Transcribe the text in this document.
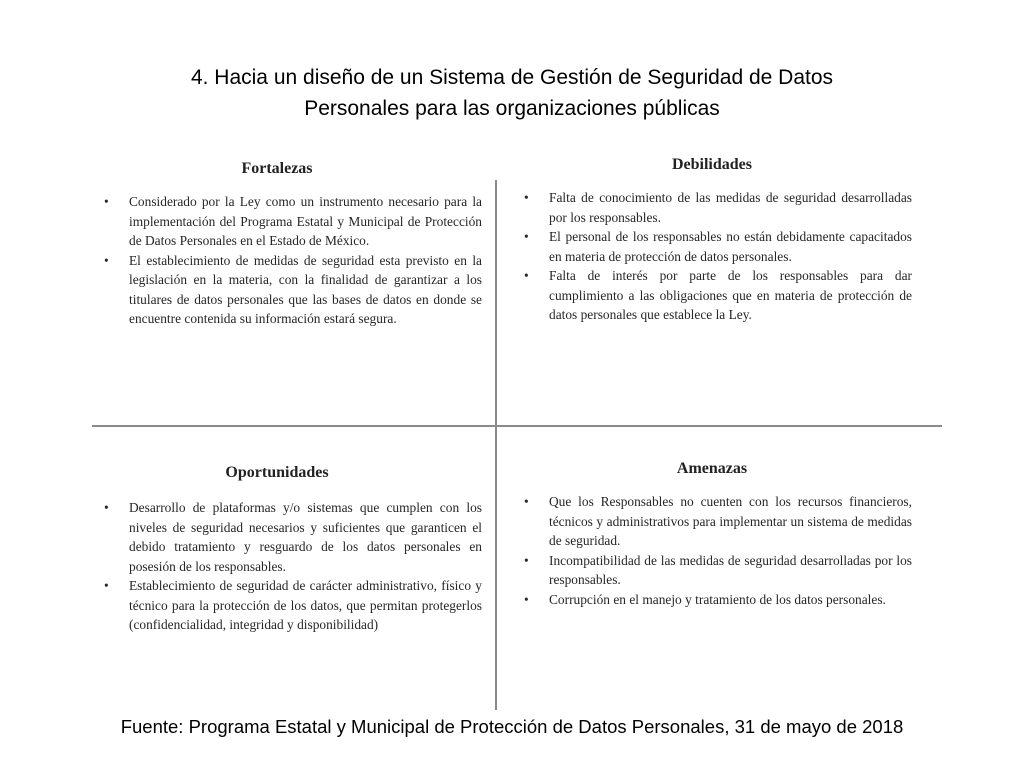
4. Hacia un diseño de un Sistema de Gestión de Seguridad de Datos
Personales para las organizaciones públicas
Fortalezas
• Considerado por la Ley como un instrumento necesario para la implementación del Programa Estatal y Municipal de Protección de Datos Personales en el Estado de México.
• El establecimiento de medidas de seguridad esta previsto en la legislación en la materia, con la finalidad de garantizar a los titulares de datos personales que las bases de datos en donde se encuentre contenida su información estará segura.
Debilidades
• Falta de conocimiento de las medidas de seguridad desarrolladas por los responsables.
• El personal de los responsables no están debidamente capacitados en materia de protección de datos personales.
• Falta de interés por parte de los responsables para dar cumplimiento a las obligaciones que en materia de protección de datos personales que establece la Ley.
Oportunidades
• Desarrollo de plataformas y/o sistemas que cumplen con los niveles de seguridad necesarios y suficientes que garanticen el debido tratamiento y resguardo de los datos personales en posesión de los responsables.
• Establecimiento de seguridad de carácter administrativo, físico y técnico para la protección de los datos, que permitan protegerlos (confidencialidad, integridad y disponibilidad)
Amenazas
• Que los Responsables no cuenten con los recursos financieros, técnicos y administrativos para implementar un sistema de medidas de seguridad.
• Incompatibilidad de las medidas de seguridad desarrolladas por los responsables.
• Corrupción en el manejo y tratamiento de los datos personales.

Fuente: Programa Estatal y Municipal de Protección de Datos Personales, 31 de mayo de 2018
